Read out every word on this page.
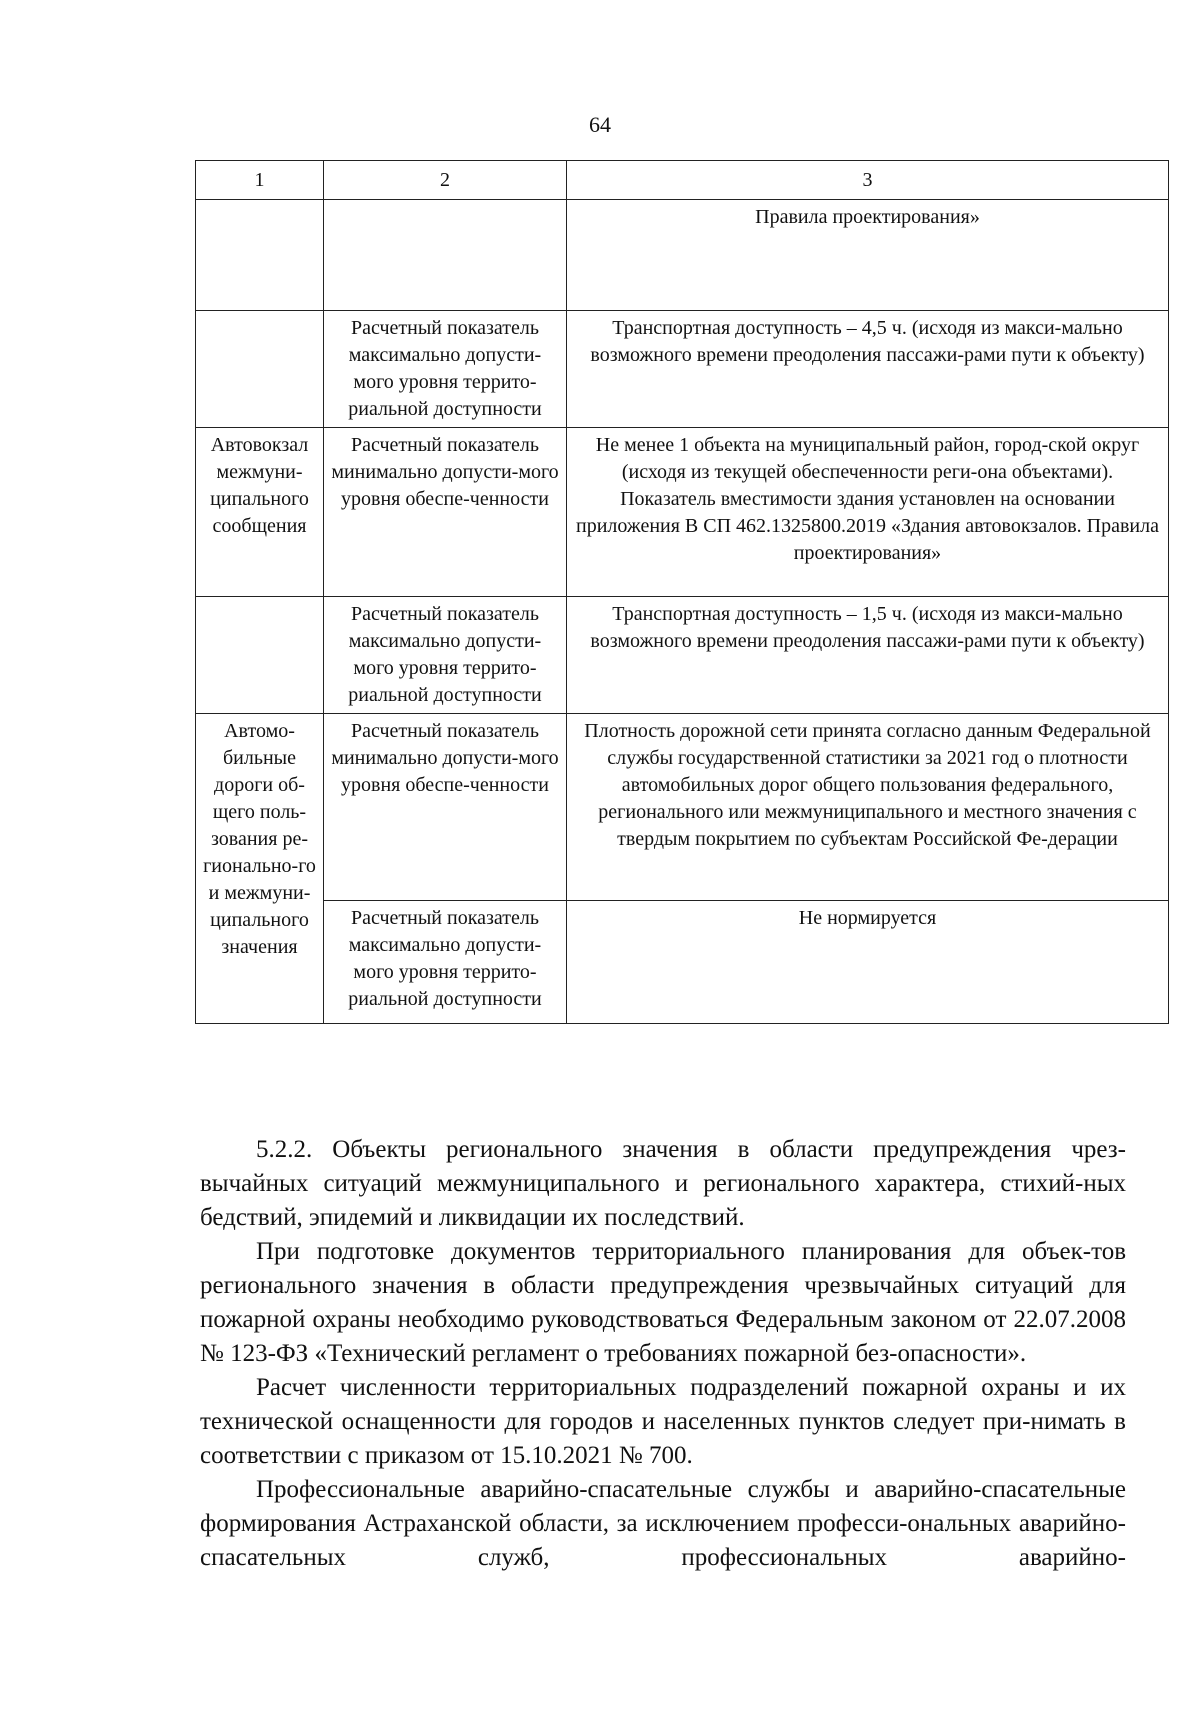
64
1	2	3
		Правила проектирования»
	Расчетный показатель максимально допусти-мого уровня террито-риальной доступности	Транспортная доступность – 4,5 ч. (исходя из макси-мально возможного времени преодоления пассажи-рами пути к объекту)
Автовокзал межмуни-ципального сообщения	Расчетный показатель минимально допусти-мого уровня обеспе-ченности	Не менее 1 объекта на муниципальный район, город-ской округ (исходя из текущей обеспеченности реги-она объектами). Показатель вместимости здания установлен на основании приложения В СП 462.1325800.2019 «Здания автовокзалов. Правила проектирования»
	Расчетный показатель максимально допусти-мого уровня террито-риальной доступности	Транспортная доступность – 1,5 ч. (исходя из макси-мально возможного времени преодоления пассажи-рами пути к объекту)
Автомо-бильные дороги об-щего поль-зования ре-гионально-го и межмуни-ципального значения	Расчетный показатель минимально допусти-мого уровня обеспе-ченности	Плотность дорожной сети принята согласно данным Федеральной службы государственной статистики за 2021 год о плотности автомобильных дорог общего пользования федерального, регионального или межмуниципального и местного значения с твердым покрытием по субъектам Российской Фе-дерации
	Расчетный показатель максимально допусти-мого уровня террито-риальной доступности	Не нормируется

5.2.2. Объекты регионального значения в области предупреждения чрез-вычайных ситуаций межмуниципального и регионального характера, стихий-ных бедствий, эпидемий и ликвидации их последствий.

При подготовке документов территориального планирования для объек-тов регионального значения в области предупреждения чрезвычайных ситуаций для пожарной охраны необходимо руководствоваться Федеральным законом от 22.07.2008 № 123-ФЗ «Технический регламент о требованиях пожарной без-опасности».

Расчет численности территориальных подразделений пожарной охраны и их технической оснащенности для городов и населенных пунктов следует при-нимать в соответствии с приказом от 15.10.2021 № 700.

Профессиональные аварийно-спасательные службы и аварийно-спасательные формирования Астраханской области, за исключением професси-ональных аварийно-спасательных служб, профессиональных аварийно-
